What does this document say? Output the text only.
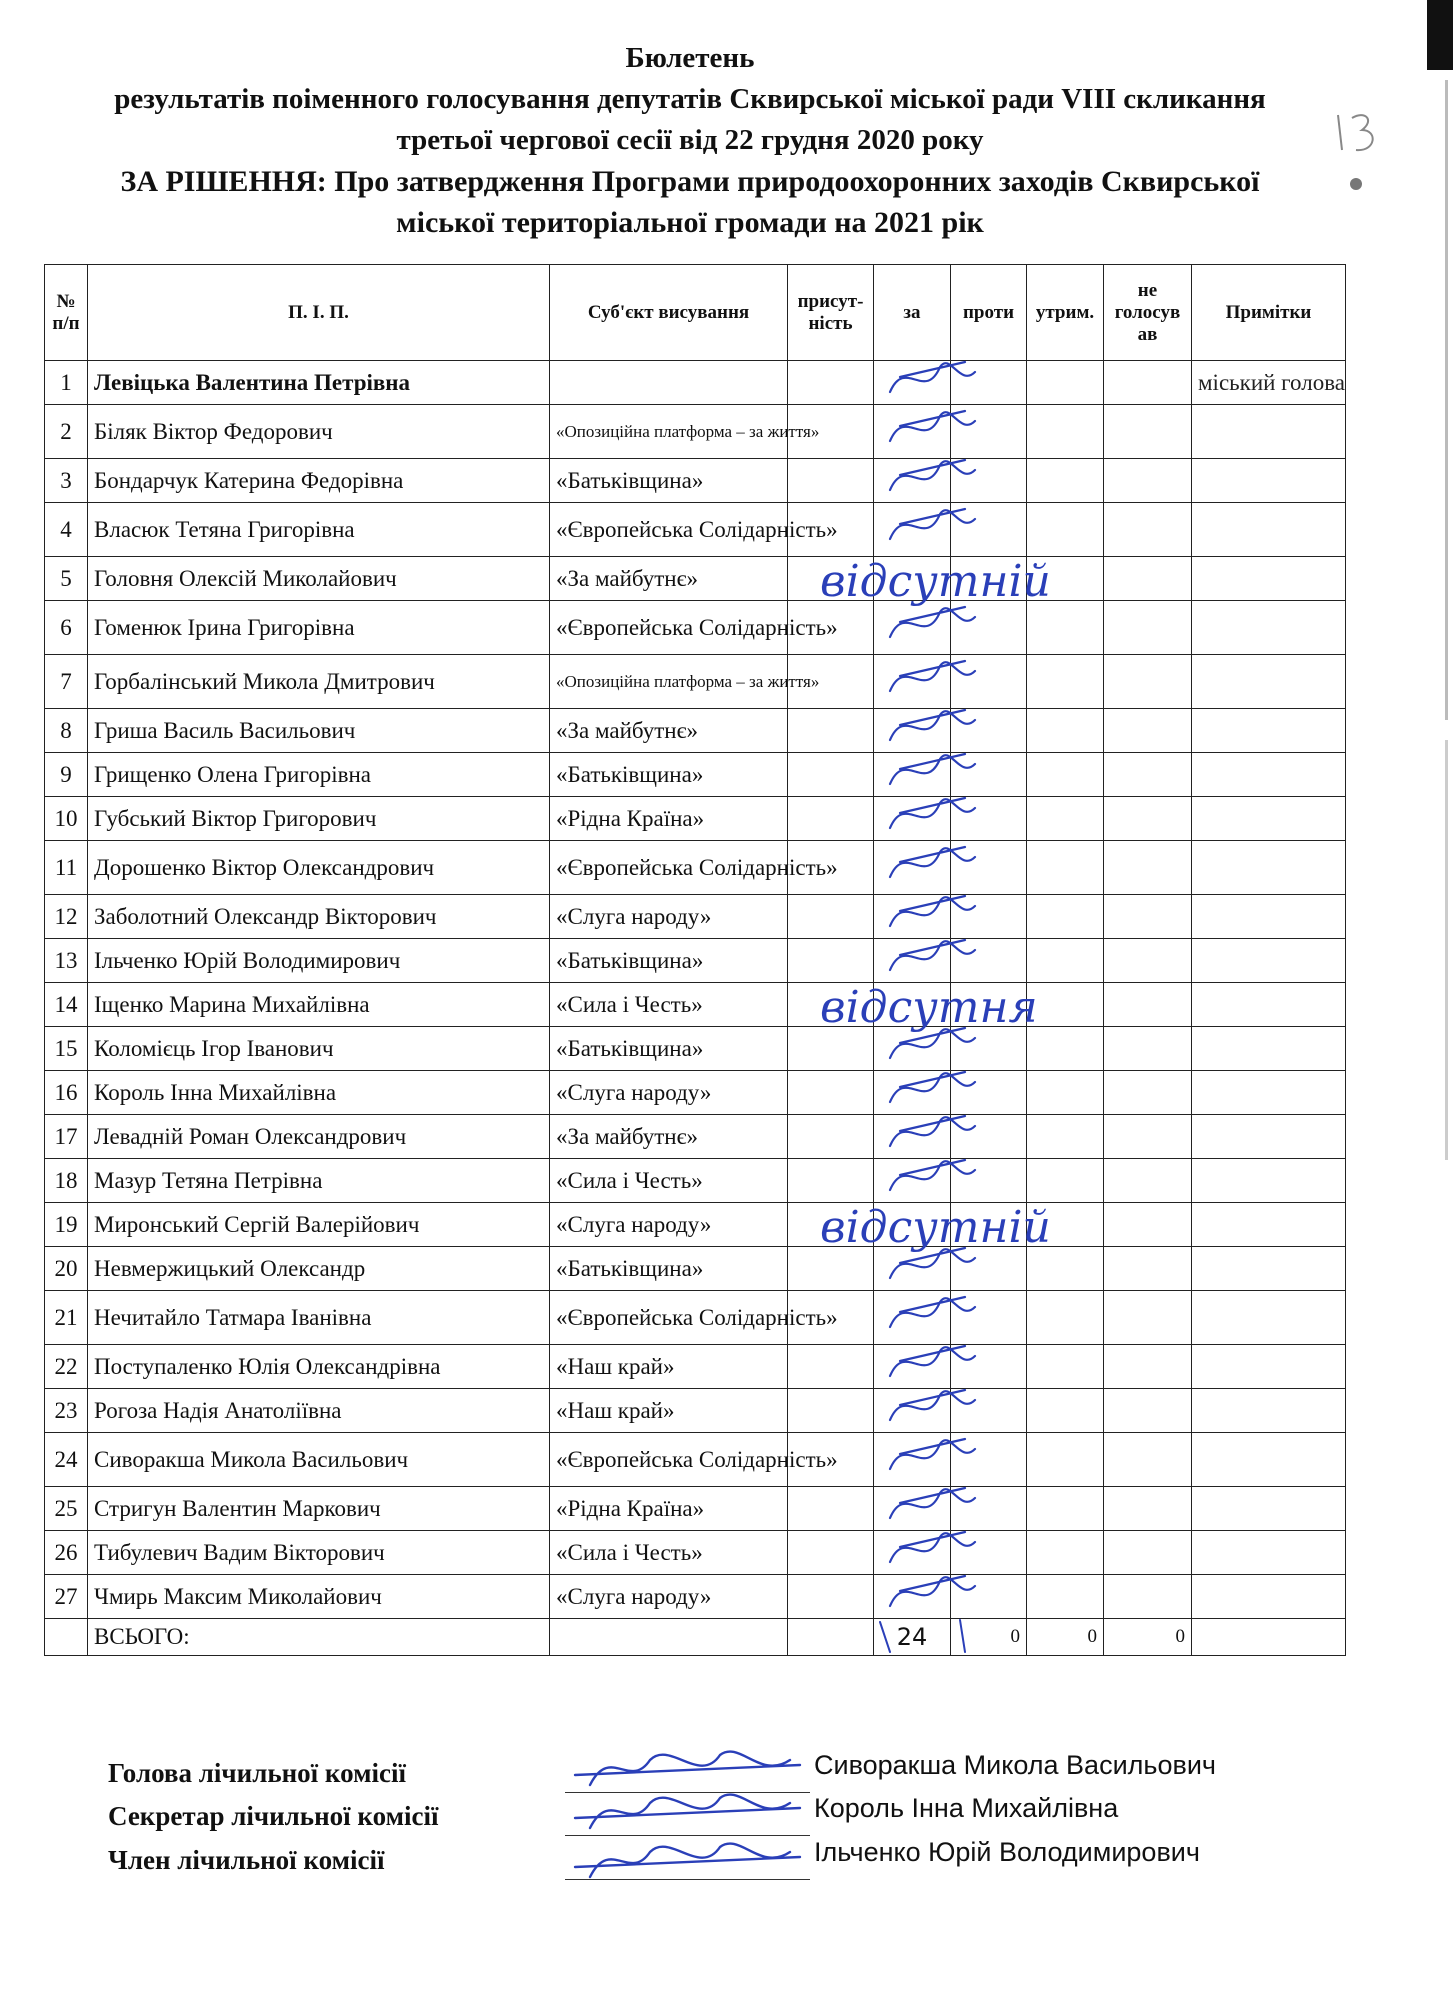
Бюлетень
результатів поіменного голосування депутатів Сквирської міської ради VIII скликання
третьої чергової сесії від 22 грудня 2020 року
ЗА РІШЕННЯ: Про затвердження Програми природоохоронних заходів Сквирської
міської територіальної громади на 2021 рік
№ п/п	П. І. П.	Суб'єкт висування	присут-ність	за	проти	утрим.	не голосув ав	Примітки
1	Левіцька Валентина Петрівна							міський голова
2	Біляк Віктор Федорович	«Опозиційна платформа – за життя»						
3	Бондарчук Катерина Федорівна	«Батьківщина»						
4	Власюк Тетяна Григорівна	«Європейська Солідарність»						
5	Головня Олексій Миколайович	«За майбутнє»						
6	Гоменюк Ірина Григорівна	«Європейська Солідарність»						
7	Горбалінський Микола Дмитрович	«Опозиційна платформа – за життя»						
8	Гриша Василь Васильович	«За майбутнє»						
9	Грищенко Олена Григорівна	«Батьківщина»						
10	Губський Віктор Григорович	«Рідна Країна»						
11	Дорошенко Віктор Олександрович	«Європейська Солідарність»						
12	Заболотний Олександр Вікторович	«Слуга народу»						
13	Ільченко Юрій Володимирович	«Батьківщина»						
14	Іщенко Марина Михайлівна	«Сила і Честь»						
15	Коломієць Ігор Іванович	«Батьківщина»						
16	Король Інна Михайлівна	«Слуга народу»						
17	Левадній Роман Олександрович	«За майбутнє»						
18	Мазур Тетяна Петрівна	«Сила і Честь»						
19	Миронський Сергій Валерійович	«Слуга народу»						
20	Невмержицький Олександр	«Батьківщина»						
21	Нечитайло Татмара Іванівна	«Європейська Солідарність»						
22	Поступаленко Юлія Олександрівна	«Наш край»						
23	Рогоза Надія Анатоліївна	«Наш край»						
24	Сиворакша Микола Васильович	«Європейська Солідарність»						
25	Стригун Валентин Маркович	«Рідна Країна»						
26	Тибулевич Вадим Вікторович	«Сила і Честь»						
27	Чмирь Максим Миколайович	«Слуга народу»						
	ВСЬОГО:			24	0	0	0	
відсутній
відсутня
відсутній
Голова лічильної комісії	Сиворакша Микола Васильович
Секретар лічильної комісії	Король Інна Михайлівна
Член лічильної комісії	Ільченко Юрій Володимирович
